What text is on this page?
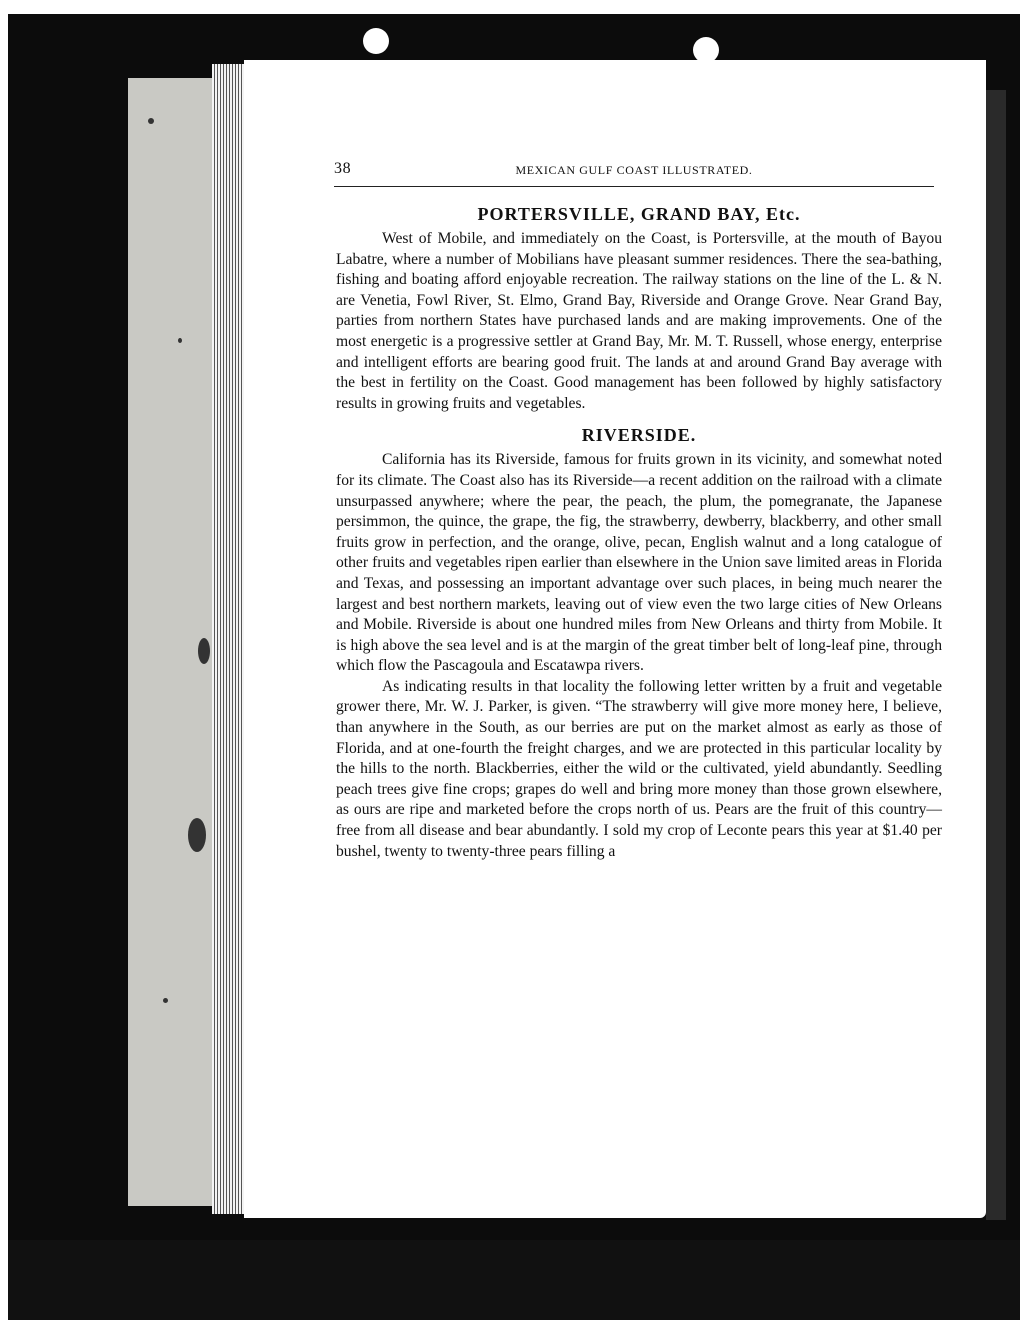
38	MEXICAN GULF COAST ILLUSTRATED.
PORTERSVILLE, GRAND BAY, Etc.

West of Mobile, and immediately on the Coast, is Portersville, at the mouth of Bayou Labatre, where a number of Mobilians have pleasant summer residences. There the sea-bathing, fishing and boating afford enjoyable recreation. The railway stations on the line of the L. & N. are Venetia, Fowl River, St. Elmo, Grand Bay, Riverside and Orange Grove. Near Grand Bay, parties from northern States have purchased lands and are making improvements. One of the most energetic is a progressive settler at Grand Bay, Mr. M. T. Russell, whose energy, enterprise and intelligent efforts are bearing good fruit. The lands at and around Grand Bay average with the best in fertility on the Coast. Good management has been followed by highly satisfactory results in growing fruits and vegetables.

RIVERSIDE.

California has its Riverside, famous for fruits grown in its vicinity, and somewhat noted for its climate. The Coast also has its Riverside—a recent addition on the railroad with a climate unsurpassed anywhere; where the pear, the peach, the plum, the pomegranate, the Japanese persimmon, the quince, the grape, the fig, the strawberry, dewberry, blackberry, and other small fruits grow in perfection, and the orange, olive, pecan, English walnut and a long catalogue of other fruits and vegetables ripen earlier than elsewhere in the Union save limited areas in Florida and Texas, and possessing an important advantage over such places, in being much nearer the largest and best northern markets, leaving out of view even the two large cities of New Orleans and Mobile. Riverside is about one hundred miles from New Orleans and thirty from Mobile. It is high above the sea level and is at the margin of the great timber belt of long-leaf pine, through which flow the Pascagoula and Escatawpa rivers.

As indicating results in that locality the following letter written by a fruit and vegetable grower there, Mr. W. J. Parker, is given. “The strawberry will give more money here, I believe, than anywhere in the South, as our berries are put on the market almost as early as those of Florida, and at one-fourth the freight charges, and we are protected in this particular locality by the hills to the north. Blackberries, either the wild or the cultivated, yield abundantly. Seedling peach trees give fine crops; grapes do well and bring more money than those grown elsewhere, as ours are ripe and marketed before the crops north of us. Pears are the fruit of this country—free from all disease and bear abundantly. I sold my crop of Leconte pears this year at $1.40 per bushel, twenty to twenty-three pears filling a
